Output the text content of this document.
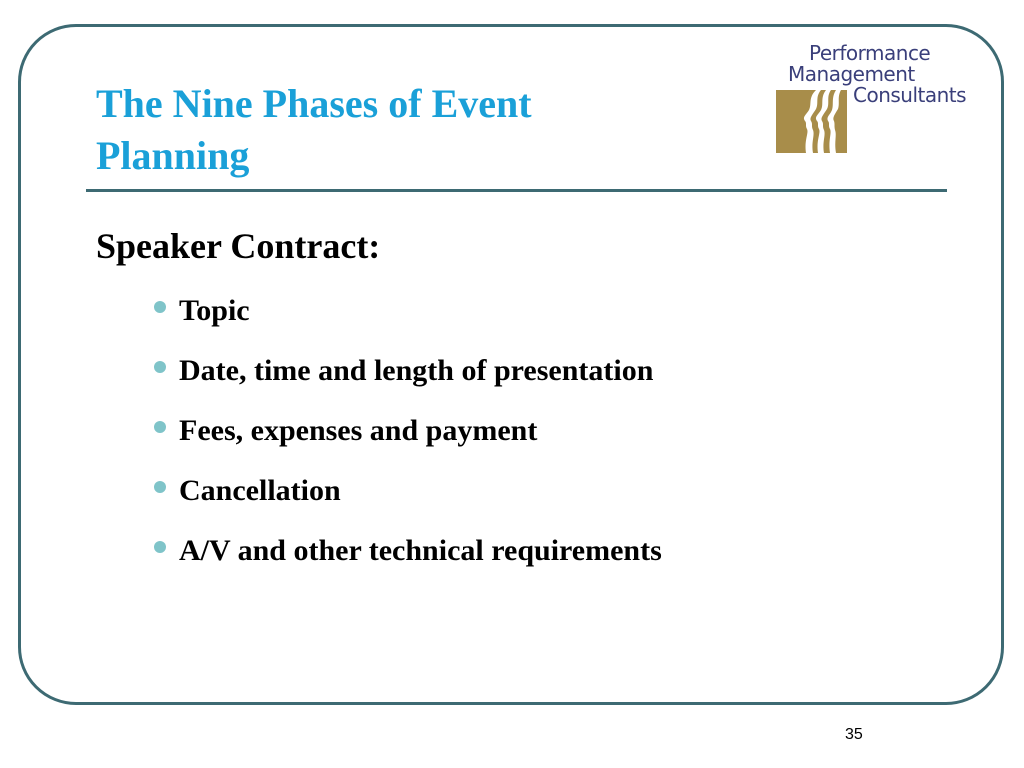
The Nine Phases of Event Planning
Performance
Management
Consultants
Speaker Contract:
Topic
Date, time and length of presentation
Fees, expenses and payment
Cancellation
A/V and other technical requirements
35
